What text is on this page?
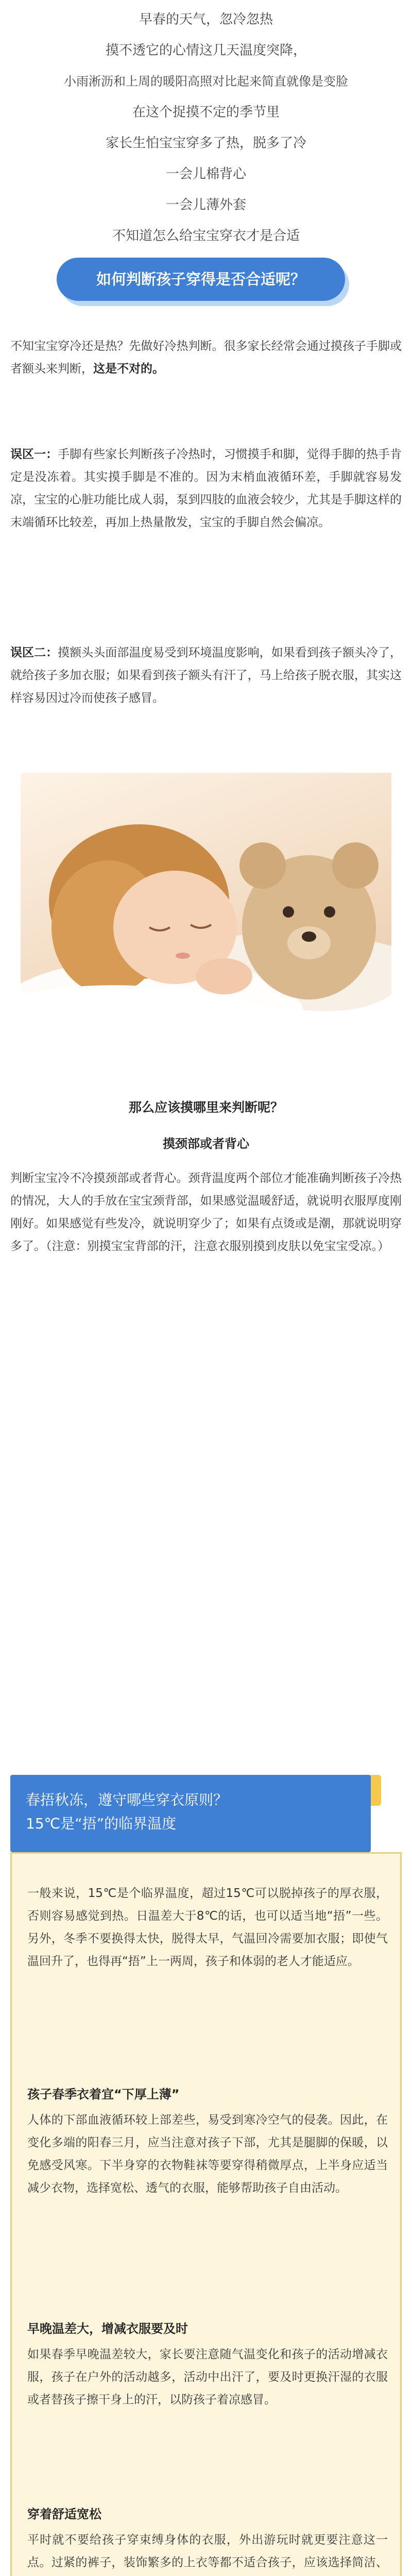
早春的天气，忽冷忽热

摸不透它的心情这几天温度突降，

小雨淅沥和上周的暖阳高照对比起来简直就像是变脸

在这个捉摸不定的季节里

家长生怕宝宝穿多了热，脱多了冷

一会儿棉背心

一会儿薄外套

不知道怎么给宝宝穿衣才是合适

如何判断孩子穿得是否合适呢？

不知宝宝穿冷还是热？先做好冷热判断。很多家长经常会通过摸孩子手脚或者额头来判断，这是不对的。

误区一：手脚有些家长判断孩子冷热时，习惯摸手和脚，觉得手脚的热手肯定是没冻着。其实摸手脚是不准的。因为末梢血液循环差，手脚就容易发凉，宝宝的心脏功能比成人弱，泵到四肢的血液会较少，尤其是手脚这样的末端循环比较差，再加上热量散发，宝宝的手脚自然会偏凉。

误区二：摸额头头面部温度易受到环境温度影响，如果看到孩子额头冷了，就给孩子多加衣服；如果看到孩子额头有汗了，马上给孩子脱衣服，其实这样容易因过冷而使孩子感冒。

那么应该摸哪里来判断呢？
摸颈部或者背心

判断宝宝冷不冷摸颈部或者背心。颈背温度两个部位才能准确判断孩子冷热的情况，大人的手放在宝宝颈背部，如果感觉温暖舒适，就说明衣服厚度刚刚好。如果感觉有些发冷，就说明穿少了；如果有点烫或是潮，那就说明穿多了。（注意：别摸宝宝背部的汗，注意衣服别摸到皮肤以免宝宝受凉。）

春捂秋冻，遵守哪些穿衣原则？
15℃是“捂”的临界温度

一般来说，15℃是个临界温度，超过15℃可以脱掉孩子的厚衣服，否则容易感觉到热。日温差大于8℃的话，也可以适当地“捂”一些。另外，冬季不要换得太快，脱得太早，气温回冷需要加衣服；即使气温回升了，也得再“捂”上一两周，孩子和体弱的老人才能适应。

孩子春季衣着宜“下厚上薄”

人体的下部血液循环较上部差些，易受到寒冷空气的侵袭。因此，在变化多端的阳春三月，应当注意对孩子下部，尤其是腿脚的保暖，以免感受风寒。下半身穿的衣物鞋袜等要穿得稍微厚点，上半身应适当减少衣物，选择宽松、透气的衣服，能够帮助孩子自由活动。

早晚温差大，增减衣服要及时

如果春季早晚温差较大，家长要注意随气温变化和孩子的活动增减衣服，孩子在户外的活动越多，活动中出汗了，要及时更换汗湿的衣服或者替孩子擦干身上的汗，以防孩子着凉感冒。

穿着舒适宽松

平时就不要给孩子穿束缚身体的衣服，外出游玩时就更要注意这一点。过紧的裤子，装饰繁多的上衣等都不适合孩子，应该选择简洁、
